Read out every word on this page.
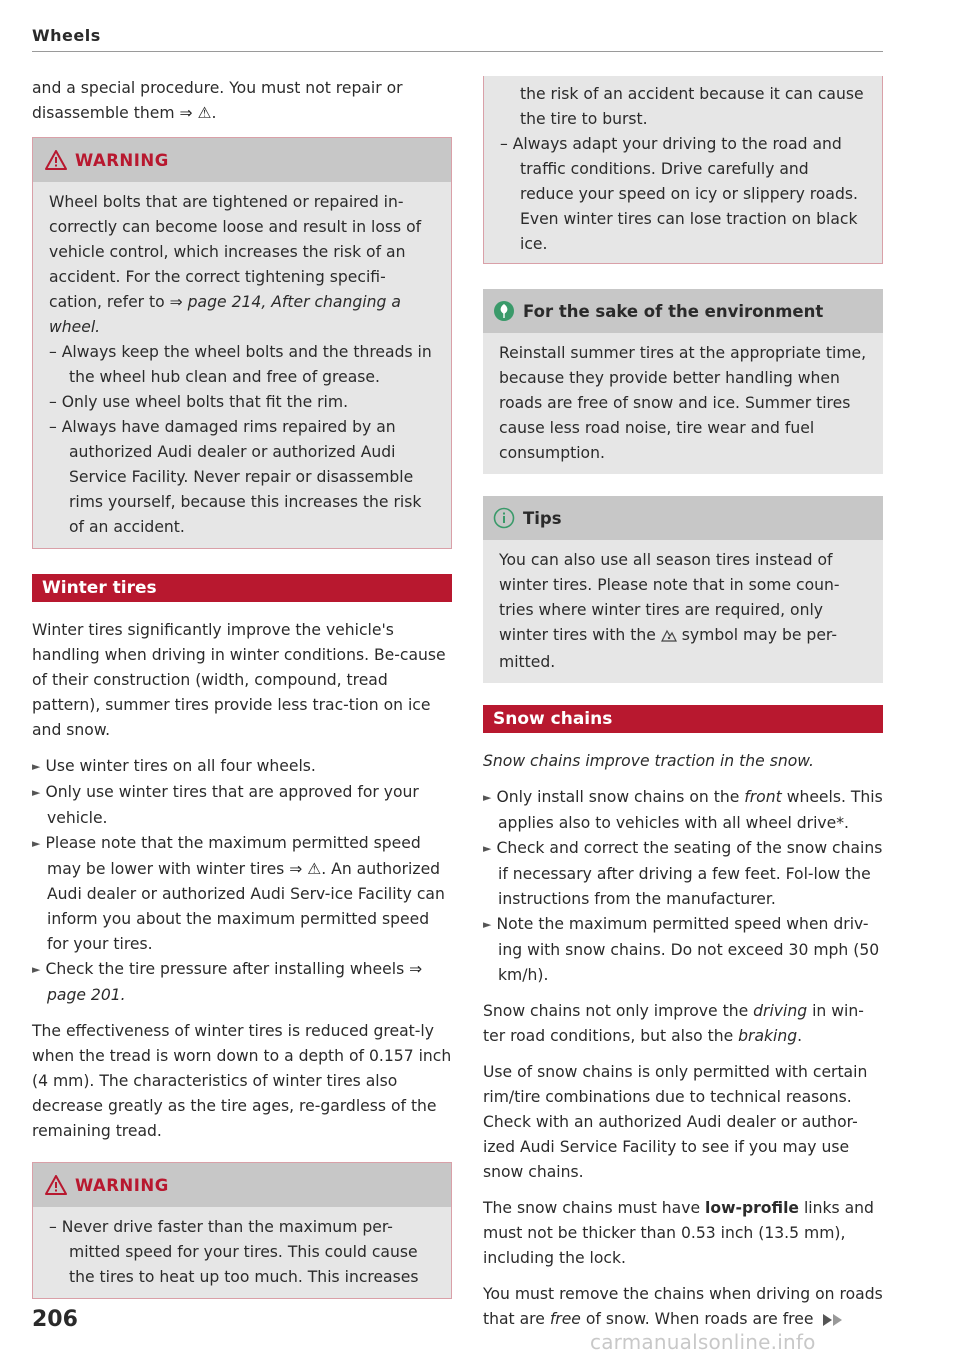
Wheels

and a special procedure. You must not repair or disassemble them ⇒ ⚠.

WARNING

Wheel bolts that are tightened or repaired in-correctly can become loose and result in loss of vehicle control, which increases the risk of an accident. For the correct tightening specifi-cation, refer to ⇒ page 214, After changing a wheel.

– Always keep the wheel bolts and the threads in the wheel hub clean and free of grease.

– Only use wheel bolts that fit the rim.

– Always have damaged rims repaired by an authorized Audi dealer or authorized Audi Service Facility. Never repair or disassemble rims yourself, because this increases the risk of an accident.

Winter tires

Winter tires significantly improve the vehicle's handling when driving in winter conditions. Be-cause of their construction (width, compound, tread pattern), summer tires provide less trac-tion on ice and snow.

► Use winter tires on all four wheels.

► Only use winter tires that are approved for your vehicle.

► Please note that the maximum permitted speed may be lower with winter tires ⇒ ⚠. An authorized Audi dealer or authorized Audi Serv-ice Facility can inform you about the maximum permitted speed for your tires.

► Check the tire pressure after installing wheels ⇒ page 201.

The effectiveness of winter tires is reduced great-ly when the tread is worn down to a depth of 0.157 inch (4 mm). The characteristics of winter tires also decrease greatly as the tire ages, re-gardless of the remaining tread.

WARNING

– Never drive faster than the maximum per-mitted speed for your tires. This could cause the tires to heat up too much. This increases

the risk of an accident because it can cause the tire to burst.

– Always adapt your driving to the road and traffic conditions. Drive carefully and reduce your speed on icy or slippery roads. Even winter tires can lose traction on black ice.

For the sake of the environment

Reinstall summer tires at the appropriate time, because they provide better handling when roads are free of snow and ice. Summer tires cause less road noise, tire wear and fuel consumption.

Tips

You can also use all season tires instead of winter tires. Please note that in some coun-tries where winter tires are required, only winter tires with the  symbol may be per-mitted.

Snow chains

Snow chains improve traction in the snow.

► Only install snow chains on the front wheels. This applies also to vehicles with all wheel drive*.

► Check and correct the seating of the snow chains if necessary after driving a few feet. Fol-low the instructions from the manufacturer.

► Note the maximum permitted speed when driv-ing with snow chains. Do not exceed 30 mph (50 km/h).

Snow chains not only improve the driving in win-ter road conditions, but also the braking.

Use of snow chains is only permitted with certain rim/tire combinations due to technical reasons. Check with an authorized Audi dealer or author-ized Audi Service Facility to see if you may use snow chains.

The snow chains must have low-profile links and must not be thicker than 0.53 inch (13.5 mm), including the lock.

You must remove the chains when driving on roads that are free of snow. When roads are free

206
carmanualsonline.info
